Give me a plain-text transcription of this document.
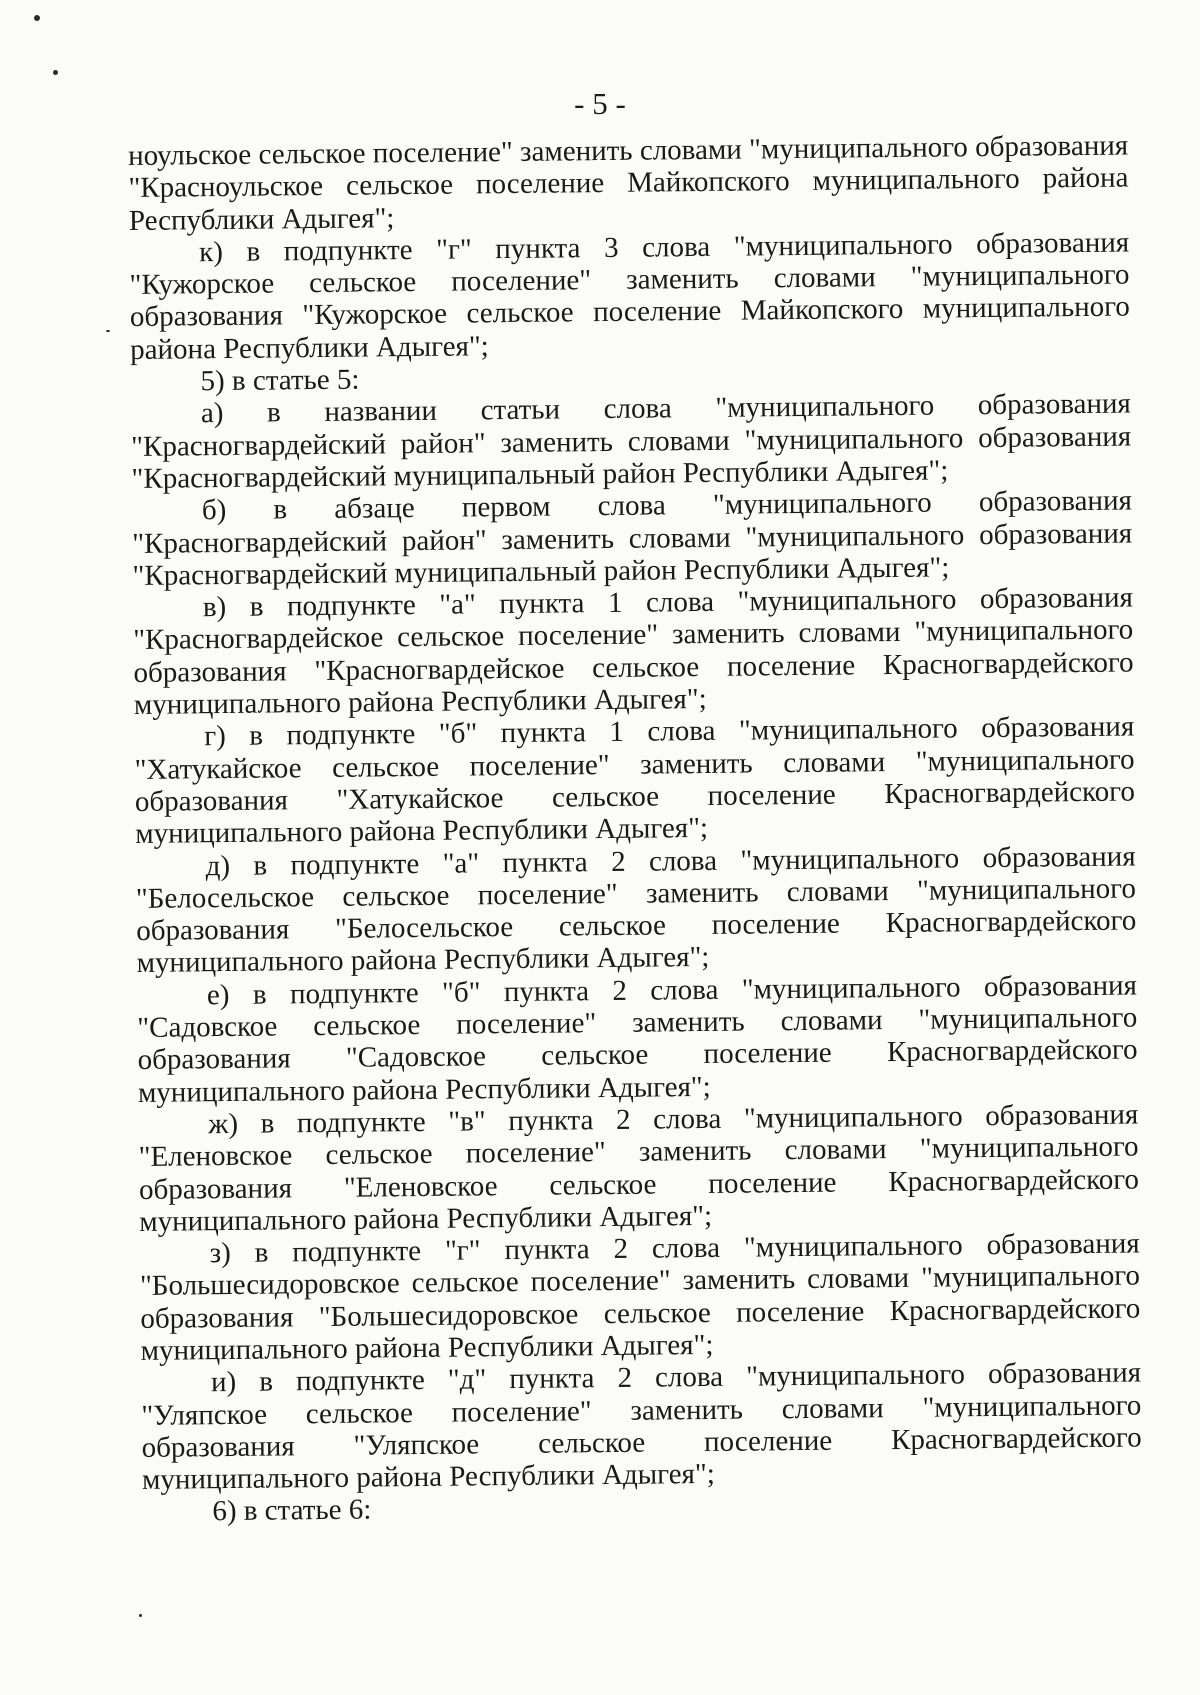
- 5 -

ноульское сельское поселение" заменить словами "муниципального образования "Красноульское сельское поселение Майкопского муниципального района Республики Адыгея";

к) в подпункте "г" пункта 3 слова "муниципального образования "Кужорское сельское поселение" заменить словами "муниципального образования "Кужорское сельское поселение Майкопского муниципального района Республики Адыгея";

5) в статье 5:

а) в названии статьи слова "муниципального образования "Красногвардейский район" заменить словами "муниципального образования "Красногвардейский муниципальный район Республики Адыгея";

б) в абзаце первом слова "муниципального образования "Красногвардейский район" заменить словами "муниципального образования "Красногвардейский муниципальный район Республики Адыгея";

в) в подпункте "а" пункта 1 слова "муниципального образования "Красногвардейское сельское поселение" заменить словами "муниципального образования "Красногвардейское сельское поселение Красногвардейского муниципального района Республики Адыгея";

г) в подпункте "б" пункта 1 слова "муниципального образования "Хатукайское сельское поселение" заменить словами "муниципального образования "Хатукайское сельское поселение Красногвардейского муниципального района Республики Адыгея";

д) в подпункте "а" пункта 2 слова "муниципального образования "Белосельское сельское поселение" заменить словами "муниципального образования "Белосельское сельское поселение Красногвардейского муниципального района Республики Адыгея";

е) в подпункте "б" пункта 2 слова "муниципального образования "Садовское сельское поселение" заменить словами "муниципального образования "Садовское сельское поселение Красногвардейского муниципального района Республики Адыгея";

ж) в подпункте "в" пункта 2 слова "муниципального образования "Еленовское сельское поселение" заменить словами "муниципального образования "Еленовское сельское поселение Красногвардейского муниципального района Республики Адыгея";

з) в подпункте "г" пункта 2 слова "муниципального образования "Большесидоровское сельское поселение" заменить словами "муниципального образования "Большесидоровское сельское поселение Красногвардейского муниципального района Республики Адыгея";

и) в подпункте "д" пункта 2 слова "муниципального образования "Уляпское сельское поселение" заменить словами "муниципального образования "Уляпское сельское поселение Красногвардейского муниципального района Республики Адыгея";

6) в статье 6:
